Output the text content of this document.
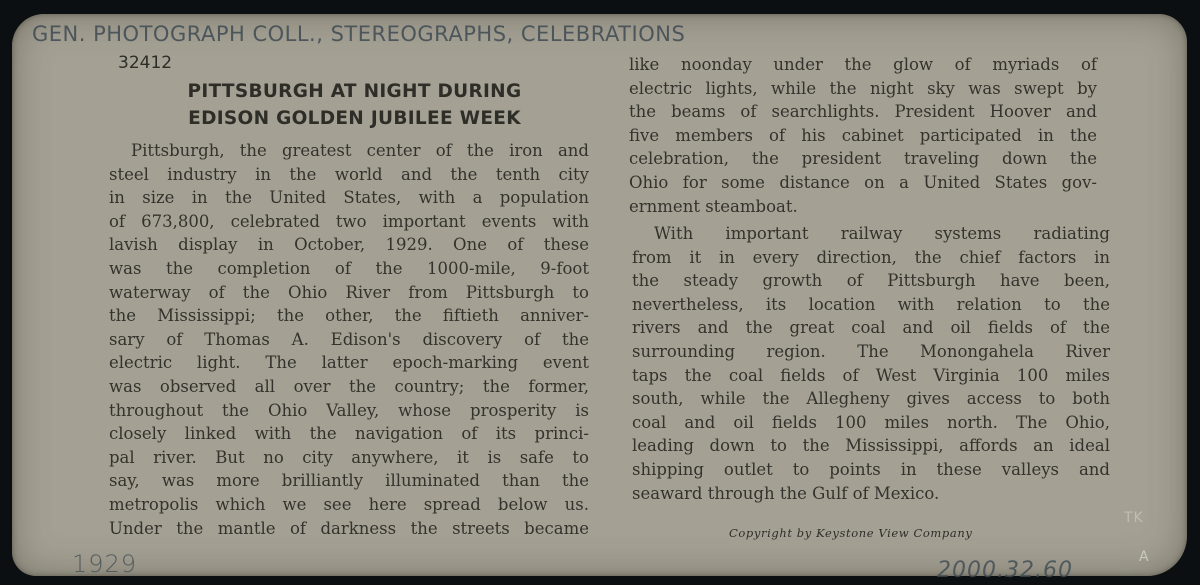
GEN. PHOTOGRAPH COLL., STEREOGRAPHS, CELEBRATIONS
32412
PITTSBURGH AT NIGHT DURING
EDISON GOLDEN JUBILEE WEEK
Pittsburgh, the greatest center of the iron and
steel industry in the world and the tenth city
in size in the United States, with a population
of 673,800, celebrated two important events with
lavish display in October, 1929. One of these
was the completion of the 1000-mile, 9-foot
waterway of the Ohio River from Pittsburgh to
the Mississippi; the other, the fiftieth anniver-
sary of Thomas A. Edison's discovery of the
electric light. The latter epoch-marking event
was observed all over the country; the former,
throughout the Ohio Valley, whose prosperity is
closely linked with the navigation of its princi-
pal river. But no city anywhere, it is safe to
say, was more brilliantly illuminated than the
metropolis which we see here spread below us.
Under the mantle of darkness the streets became
like noonday under the glow of myriads of
electric lights, while the night sky was swept by
the beams of searchlights. President Hoover and
five members of his cabinet participated in the
celebration, the president traveling down the
Ohio for some distance on a United States gov-
ernment steamboat.
With important railway systems radiating
from it in every direction, the chief factors in
the steady growth of Pittsburgh have been,
nevertheless, its location with relation to the
rivers and the great coal and oil fields of the
surrounding region. The Monongahela River
taps the coal fields of West Virginia 100 miles
south, while the Allegheny gives access to both
coal and oil fields 100 miles north. The Ohio,
leading down to the Mississippi, affords an ideal
shipping outlet to points in these valleys and
seaward through the Gulf of Mexico.
Copyright by Keystone View Company
TK
1929	2000.32.60
A
